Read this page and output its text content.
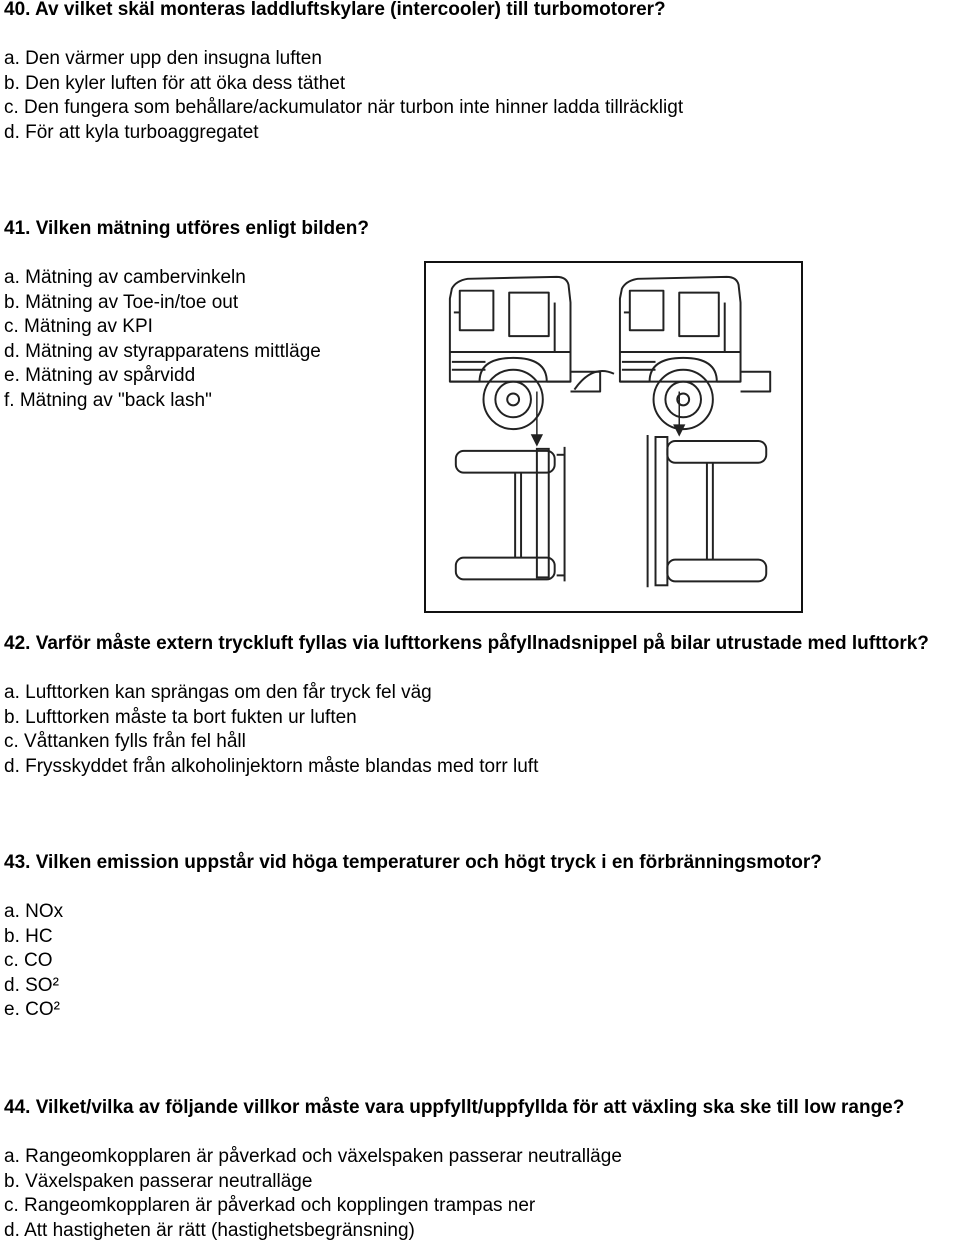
40. Av vilket skäl monteras laddluftskylare (intercooler) till turbomotorer?

a. Den värmer upp den insugna luften
b. Den kyler luften för att öka dess täthet
c. Den fungera som behållare/ackumulator när turbon inte hinner ladda tillräckligt
d. För att kyla turboaggregatet

41. Vilken mätning utföres enligt bilden?

a. Mätning av cambervinkeln
b. Mätning av Toe-in/toe out
c. Mätning av KPI
d. Mätning av styrapparatens mittläge
e. Mätning av spårvidd
f. Mätning av "back lash"

42. Varför måste extern tryckluft fyllas via lufttorkens påfyllnadsnippel på bilar utrustade med lufttork?

a. Lufttorken kan sprängas om den får tryck fel väg
b. Lufttorken måste ta bort fukten ur luften
c. Våttanken fylls från fel håll
d. Frysskyddet från alkoholinjektorn måste blandas med torr luft

43. Vilken emission uppstår vid höga temperaturer och högt tryck i en förbränningsmotor?

a. NOx
b. HC
c. CO
d. SO²
e. CO²

44. Vilket/vilka av följande villkor måste vara uppfyllt/uppfyllda för att växling ska ske till low range?

a. Rangeomkopplaren är påverkad och växelspaken passerar neutralläge
b. Växelspaken passerar neutralläge
c. Rangeomkopplaren är påverkad och kopplingen trampas ner
d. Att hastigheten är rätt (hastighetsbegränsning)
